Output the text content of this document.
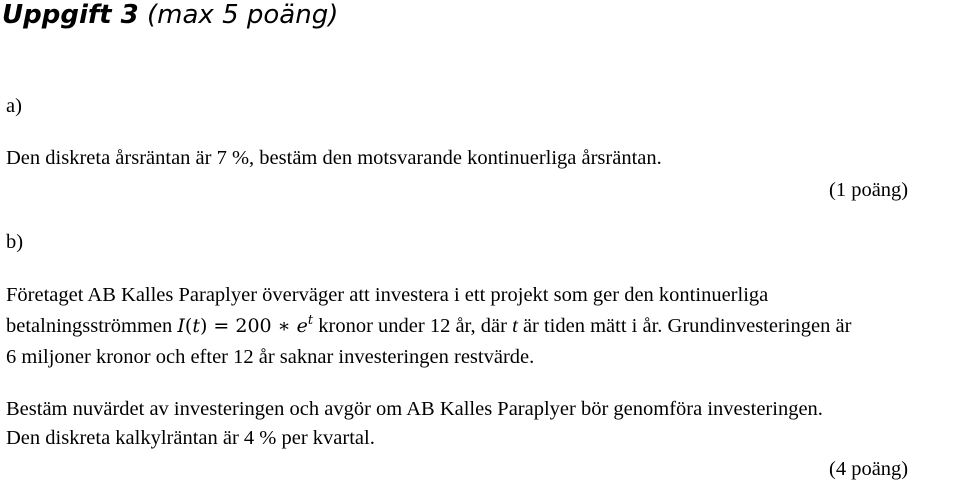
Uppgift 3 (max 5 poäng)
a)
Den diskreta årsräntan är 7 %, bestäm den motsvarande kontinuerliga årsräntan.
(1 poäng)
b)
Företaget AB Kalles Paraplyer överväger att investera i ett projekt som ger den kontinuerliga
betalningsströmmen I(t) = 200 ∗ $e^t$ kronor under 12 år, där t är tiden mätt i år. Grundinvesteringen är
6 miljoner kronor och efter 12 år saknar investeringen restvärde.
Bestäm nuvärdet av investeringen och avgör om AB Kalles Paraplyer bör genomföra investeringen.
Den diskreta kalkylräntan är 4 % per kvartal.
(4 poäng)
